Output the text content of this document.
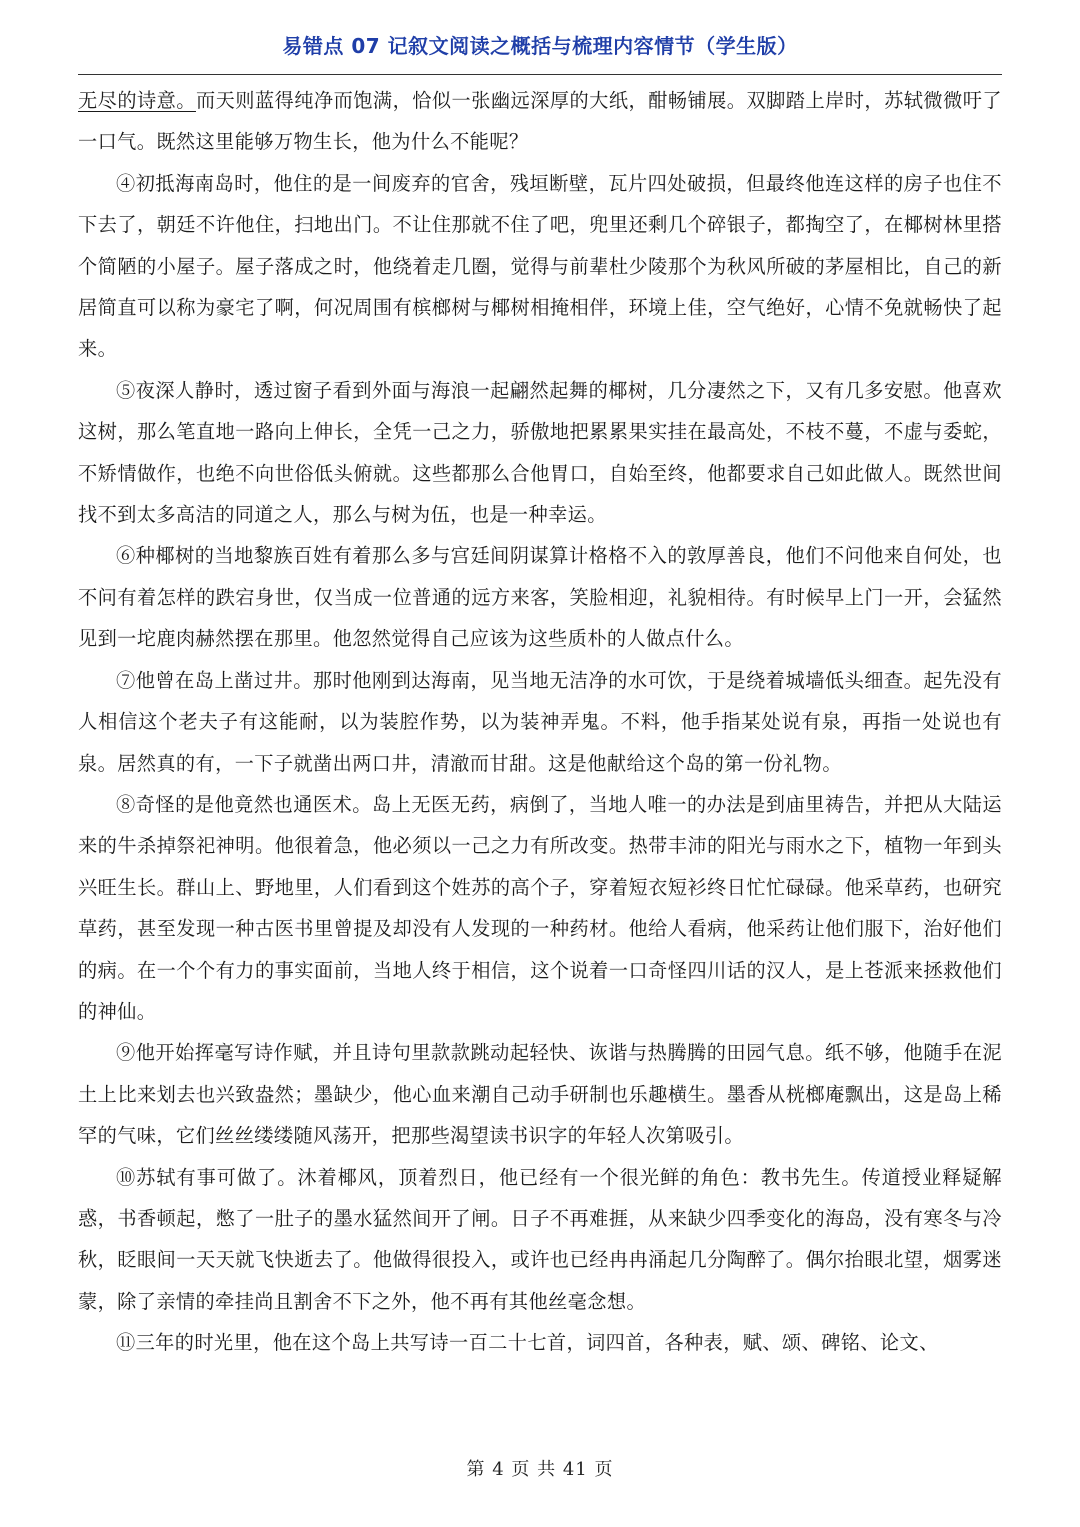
易错点 07 记叙文阅读之概括与梳理内容情节（学生版）

无尽的诗意。而天则蓝得纯净而饱满，恰似一张幽远深厚的大纸，酣畅铺展。双脚踏上岸时，苏轼微微吁了一口气。既然这里能够万物生长，他为什么不能呢？

④初抵海南岛时，他住的是一间废弃的官舍，残垣断壁，瓦片四处破损，但最终他连这样的房子也住不下去了，朝廷不许他住，扫地出门。不让住那就不住了吧，兜里还剩几个碎银子，都掏空了，在椰树林里搭个简陋的小屋子。屋子落成之时，他绕着走几圈，觉得与前辈杜少陵那个为秋风所破的茅屋相比，自己的新居简直可以称为豪宅了啊，何况周围有槟榔树与椰树相掩相伴，环境上佳，空气绝好，心情不免就畅快了起来。

⑤夜深人静时，透过窗子看到外面与海浪一起翩然起舞的椰树，几分凄然之下，又有几多安慰。他喜欢这树，那么笔直地一路向上伸长，全凭一己之力，骄傲地把累累果实挂在最高处，不枝不蔓，不虚与委蛇，不矫情做作，也绝不向世俗低头俯就。这些都那么合他胃口，自始至终，他都要求自己如此做人。既然世间找不到太多高洁的同道之人，那么与树为伍，也是一种幸运。

⑥种椰树的当地黎族百姓有着那么多与宫廷间阴谋算计格格不入的敦厚善良，他们不问他来自何处，也不问有着怎样的跌宕身世，仅当成一位普通的远方来客，笑脸相迎，礼貌相待。有时候早上门一开，会猛然见到一坨鹿肉赫然摆在那里。他忽然觉得自己应该为这些质朴的人做点什么。

⑦他曾在岛上凿过井。那时他刚到达海南，见当地无洁净的水可饮，于是绕着城墙低头细查。起先没有人相信这个老夫子有这能耐，以为装腔作势，以为装神弄鬼。不料，他手指某处说有泉，再指一处说也有泉。居然真的有，一下子就凿出两口井，清澈而甘甜。这是他献给这个岛的第一份礼物。

⑧奇怪的是他竟然也通医术。岛上无医无药，病倒了，当地人唯一的办法是到庙里祷告，并把从大陆运来的牛杀掉祭祀神明。他很着急，他必须以一己之力有所改变。热带丰沛的阳光与雨水之下，植物一年到头兴旺生长。群山上、野地里，人们看到这个姓苏的高个子，穿着短衣短衫终日忙忙碌碌。他采草药，也研究草药，甚至发现一种古医书里曾提及却没有人发现的一种药材。他给人看病，他采药让他们服下，治好他们的病。在一个个有力的事实面前，当地人终于相信，这个说着一口奇怪四川话的汉人，是上苍派来拯救他们的神仙。

⑨他开始挥毫写诗作赋，并且诗句里款款跳动起轻快、诙谐与热腾腾的田园气息。纸不够，他随手在泥土上比来划去也兴致盎然；墨缺少，他心血来潮自己动手研制也乐趣横生。墨香从桄榔庵飘出，这是岛上稀罕的气味，它们丝丝缕缕随风荡开，把那些渴望读书识字的年轻人次第吸引。

⑩苏轼有事可做了。沐着椰风，顶着烈日，他已经有一个很光鲜的角色：教书先生。传道授业释疑解惑，书香顿起，憋了一肚子的墨水猛然间开了闸。日子不再难捱，从来缺少四季变化的海岛，没有寒冬与冷秋，眨眼间一天天就飞快逝去了。他做得很投入，或许也已经冉冉涌起几分陶醉了。偶尔抬眼北望，烟雾迷蒙，除了亲情的牵挂尚且割舍不下之外，他不再有其他丝毫念想。

⑪三年的时光里，他在这个岛上共写诗一百二十七首，词四首，各种表，赋、颂、碑铭、论文、

第 4 页 共 41 页
